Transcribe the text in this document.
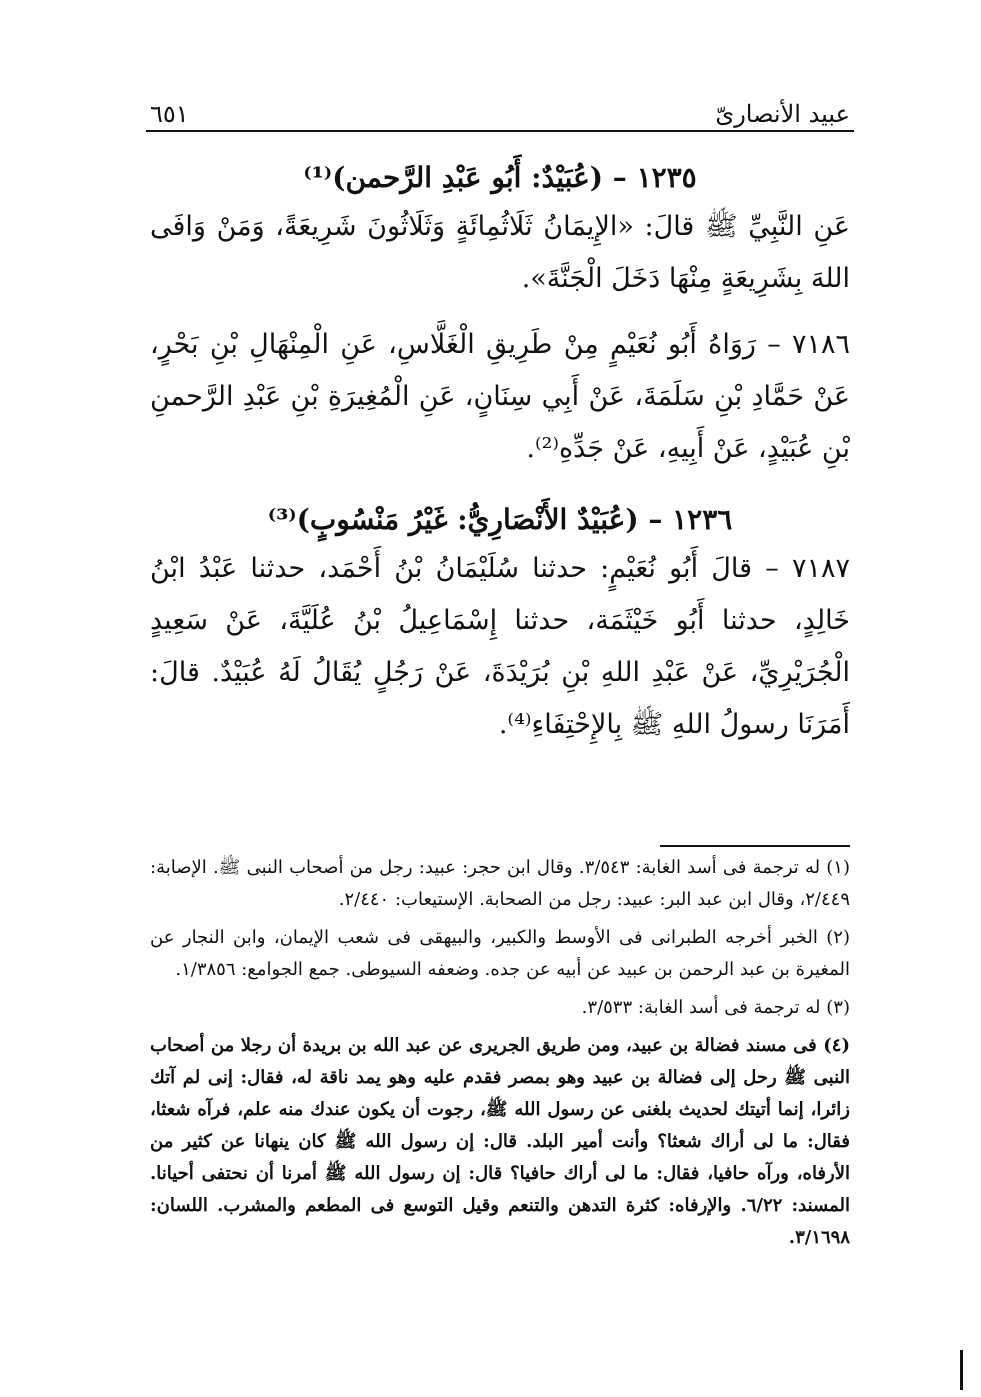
عبيد الأنصارىّ
٦٥١
١٢٣٥ – (عُبَيْدٌ: أَبُو عَبْدِ الرَّحمن)⁽¹⁾

عَنِ النَّبِيِّ ﷺ قالَ: «الإِيمَانُ ثَلَاثُمِائَةٍ وَثَلَاثُونَ شَرِيعَةً، وَمَنْ وَافَى اللهَ بِشَرِيعَةٍ مِنْهَا دَخَلَ الْجَنَّةَ».

٧١٨٦ – رَوَاهُ أَبُو نُعَيْمٍ مِنْ طَرِيقِ الْغَلَّاسِ، عَنِ الْمِنْهَالِ بْنِ بَحْرٍ، عَنْ حَمَّادِ بْنِ سَلَمَةَ، عَنْ أَبِي سِنَانٍ، عَنِ الْمُغِيرَةِ بْنِ عَبْدِ الرَّحمنِ بْنِ عُبَيْدٍ، عَنْ أَبِيهِ، عَنْ جَدِّهِ⁽²⁾.

١٢٣٦ – (عُبَيْدٌ الأَنْصَارِيُّ: غَيْرُ مَنْسُوبٍ)⁽³⁾

٧١٨٧ – قالَ أَبُو نُعَيْمٍ: حدثنا سُلَيْمَانُ بْنُ أَحْمَد، حدثنا عَبْدُ ابْنُ خَالِدٍ، حدثنا أَبُو خَيْثَمَة، حدثنا إِسْمَاعِيلُ بْنُ عُلَيَّةَ، عَنْ سَعِيدٍ الْجُرَيْرِيِّ، عَنْ عَبْدِ اللهِ بْنِ بُرَيْدَةَ، عَنْ رَجُلٍ يُقَالُ لَهُ عُبَيْدٌ. قالَ: أَمَرَنَا رسولُ اللهِ ﷺ بِالإِحْتِفَاءِ⁽⁴⁾.

(١) له ترجمة فى أسد الغابة: ٣/٥٤٣. وقال ابن حجر: عبيد: رجل من أصحاب النبى ﷺ. الإصابة: ٢/٤٤٩، وقال ابن عبد البر: عبيد: رجل من الصحابة. الإستيعاب: ٢/٤٤٠.

(٢) الخبر أخرجه الطبرانى فى الأوسط والكبير، والبيهقى فى شعب الإيمان، وابن النجار عن المغيرة بن عبد الرحمن بن عبيد عن أبيه عن جده. وضعفه السيوطى. جمع الجوامع: ١/٣٨٥٦.

(٣) له ترجمة فى أسد الغابة: ٣/٥٣٣.

(٤) فى مسند فضالة بن عبيد، ومن طريق الجريرى عن عبد الله بن بريدة أن رجلا من أصحاب النبى ﷺ رحل إلى فضالة بن عبيد وهو بمصر فقدم عليه وهو يمد ناقة له، فقال: إنى لم آتك زائرا، إنما أتيتك لحديث بلغنى عن رسول الله ﷺ، رجوت أن يكون عندك منه علم، فرآه شعثا، فقال: ما لى أراك شعثا؟ وأنت أمير البلد. قال: إن رسول الله ﷺ كان ينهانا عن كثير من الأرفاه، ورآه حافيا، فقال: ما لى أراك حافيا؟ قال: إن رسول الله ﷺ أمرنا أن نحتفى أحيانا. المسند: ٦/٢٢. والإرفاه: كثرة التدهن والتنعم وقيل التوسع فى المطعم والمشرب. اللسان: ٣/١٦٩٨.
